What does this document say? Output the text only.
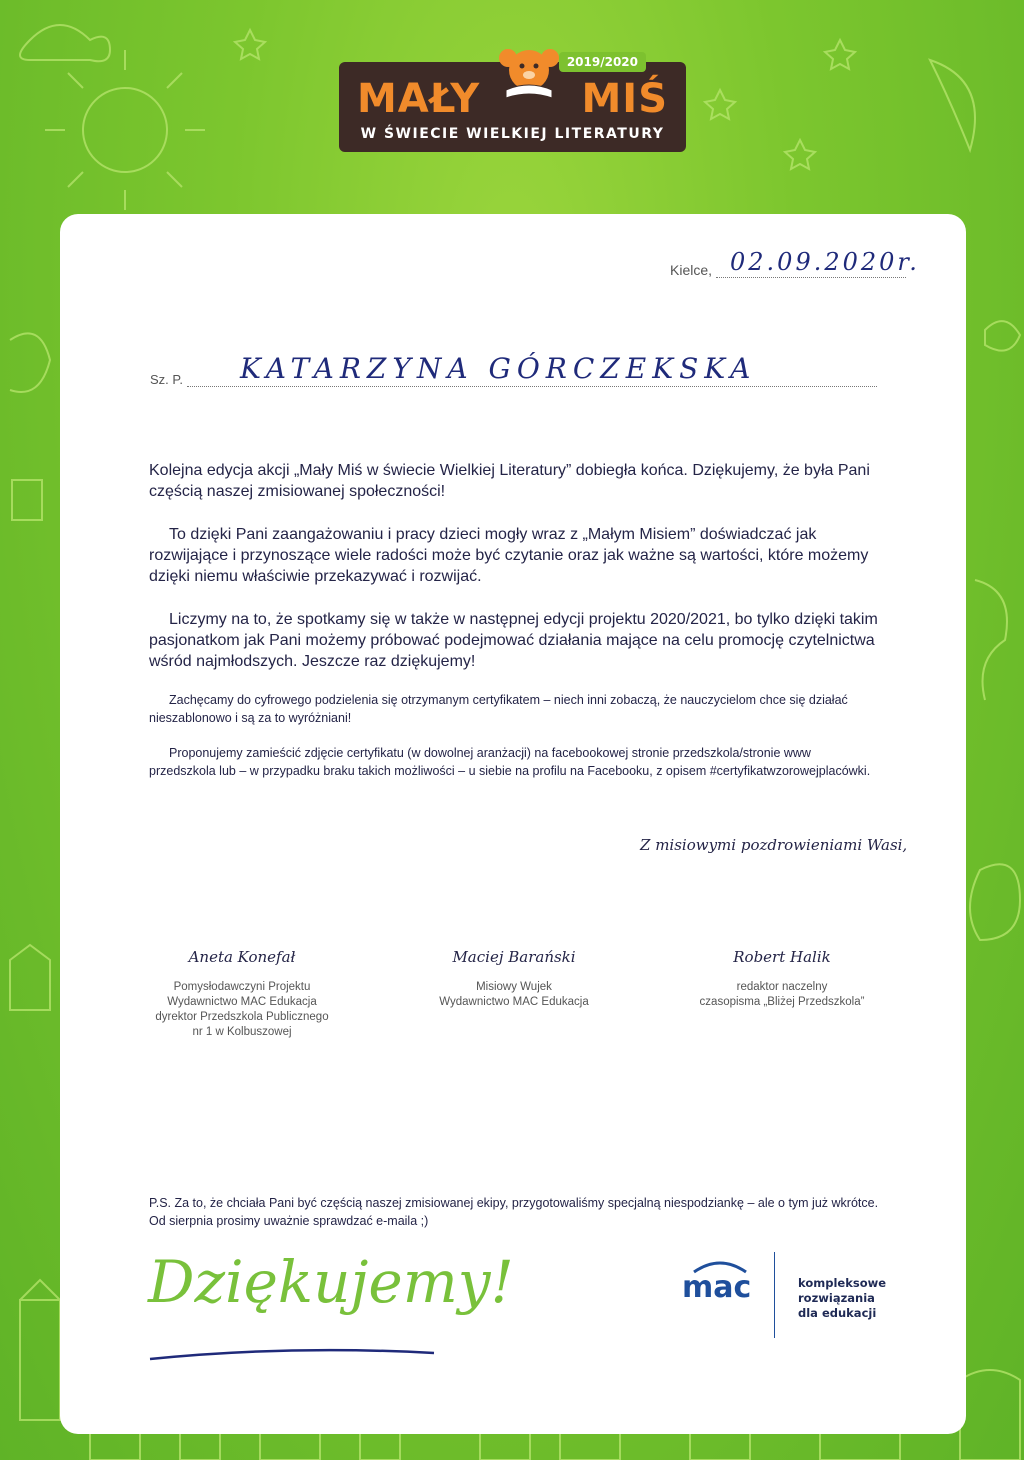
2019/2020
MAŁY	MIŚ
W ŚWIECIE WIELKIEJ LITERATURY
Kielce, 02.09.2020r.
Sz. P.	KATARZYNA GÓRCZEKSKA

Kolejna edycja akcji „Mały Miś w świecie Wielkiej Literatury” dobiegła końca. Dziękujemy, że była Pani częścią naszej zmisiowanej społeczności!

To dzięki Pani zaangażowaniu i pracy dzieci mogły wraz z „Małym Misiem” doświadczać jak rozwijające i przynoszące wiele radości może być czytanie oraz jak ważne są wartości, które możemy dzięki niemu właściwie przekazywać i rozwijać.

Liczymy na to, że spotkamy się w także w następnej edycji projektu 2020/2021, bo tylko dzięki takim pasjonatkom jak Pani możemy próbować podejmować działania mające na celu promocję czytelnictwa wśród najmłodszych. Jeszcze raz dziękujemy!

Zachęcamy do cyfrowego podzielenia się otrzymanym certyfikatem – niech inni zobaczą, że nauczycielom chce się działać nieszablonowo i są za to wyróżniani!

Proponujemy zamieścić zdjęcie certyfikatu (w dowolnej aranżacji) na facebookowej stronie przedszkola/stronie www przedszkola lub – w przypadku braku takich możliwości – u siebie na profilu na Facebooku, z opisem #certyfikatwzorowejplacówki.

Z misiowymi pozdrowieniami Wasi,
Aneta Konefał
Pomysłodawczyni Projektu
Wydawnictwo MAC Edukacja
dyrektor Przedszkola Publicznego
nr 1 w Kolbuszowej
Maciej Barański
Misiowy Wujek
Wydawnictwo MAC Edukacja
Robert Halik
redaktor naczelny
czasopisma „Bliżej Przedszkola”

P.S. Za to, że chciała Pani być częścią naszej zmisiowanej ekipy, przygotowaliśmy specjalną niespodziankę – ale o tym już wkrótce. Od sierpnia prosimy uważnie sprawdzać e-maila ;)

Dziękujemy!	mac	kompleksowe
rozwiązania
dla edukacji
